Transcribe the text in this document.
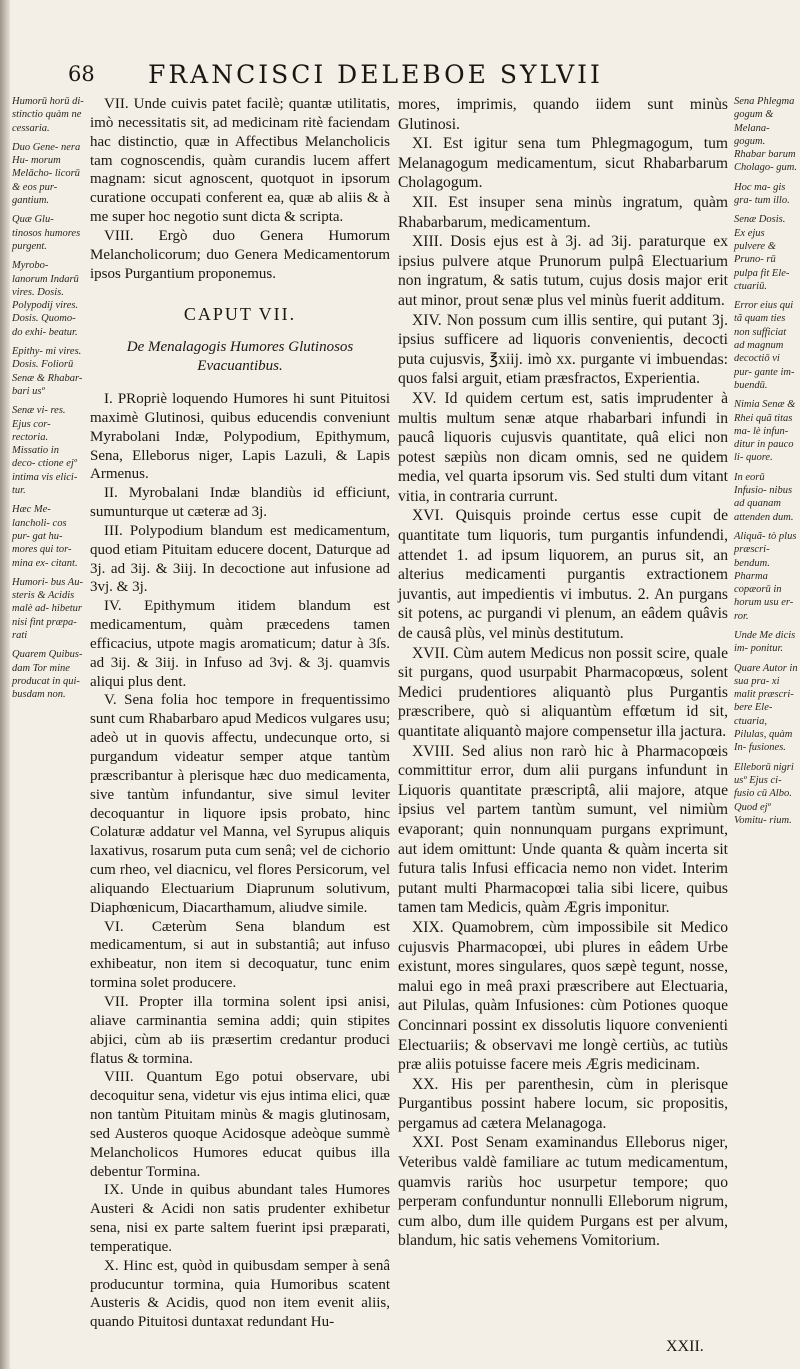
68 FRANCISCI DELEBOE SYLVII

Humorū horū di- stinctio quàm ne cessaria.

Duo Gene- nera Hu- morum Melācho- licorū & eos pur- gantium.

Quæ Glu- tinosos humores purgent.

Myrobo- lanorum Indarū vires. Dosis. Polypodij vires. Dosis. Quomo- do exhi- beatur.

Epithy- mi vires. Dosis. Foliorū Senæ & Rhabar- bari usº

Senæ vi- res. Ejus cor- rectoria. Missatio in deco- ctione ejº intima vis elici- tur.

Hæc Me- lancholi- cos pur- gat hu- mores qui tor- mina ex- citant.

Humori- bus Au- steris & Acidis malè ad- hibetur nisi fint præpa- rati

Quarem Quibus- dam Tor mine producat in qui- busdam non.

VII. Unde cuivis patet facilè; quantæ utilitatis, imò necessitatis sit, ad medicinam ritè faciendam hac distinctio, quæ in Affectibus Melancholicis tam cognoscendis, quàm curandis lucem affert magnam: sicut agnoscent, quotquot in ipsorum curatione occupati conferent ea, quæ ab aliis & à me super hoc negotio sunt dicta & scripta.

VIII. Ergò duo Genera Humorum Melancholicorum; duo Genera Medicamentorum ipsos Purgantium proponemus.

CAPUT VII.

De Menalagogis Humores Glutinosos Evacuantibus.

I. PRopriè loquendo Humores hi sunt Pituitosi maximè Glutinosi, quibus educendis conveniunt Myrabolani Indæ, Polypodium, Epithymum, Sena, Elleborus niger, Lapis Lazuli, & Lapis Armenus.

II. Myrobalani Indæ blandiùs id efficiunt, sumunturque ut cæteræ ad 3j.

III. Polypodium blandum est medicamentum, quod etiam Pituitam educere docent, Daturque ad 3j. ad 3ij. & 3iij. In decoctione aut infusione ad 3vj. & 3j.

IV. Epithymum itidem blandum est medicamentum, quàm præcedens tamen efficacius, utpote magis aromaticum; datur à 3ſs. ad 3ij. & 3iij. in Infuso ad 3vj. & 3j. quamvis aliqui plus dent.

V. Sena folia hoc tempore in frequentissimo sunt cum Rhabarbaro apud Medicos vulgares usu; adeò ut in quovis affectu, undecunque orto, si purgandum videatur semper atque tantùm præscribantur à plerisque hæc duo medicamenta, sive tantùm infundantur, sive simul leviter decoquantur in liquore ipsis probato, hinc Colaturæ addatur vel Manna, vel Syrupus aliquis laxativus, rosarum puta cum senâ; vel de cichorio cum rheo, vel diacnicu, vel flores Persicorum, vel aliquando Electuarium Diaprunum solutivum, Diaphœnicum, Diacarthamum, aliudve simile.

VI. Cæterùm Sena blandum est medicamentum, si aut in substantiâ; aut infuso exhibeatur, non item si decoquatur, tunc enim tormina solet producere.

VII. Propter illa tormina solent ipsi anisi, aliave carminantia semina addi; quin stipites abjici, cùm ab iis præsertim credantur produci flatus & tormina.

VIII. Quantum Ego potui observare, ubi decoquitur sena, videtur vis ejus intima elici, quæ non tantùm Pituitam minùs & magis glutinosam, sed Austeros quoque Acidosque adeòque summè Melancholicos Humores educat quibus illa debentur Tormina.

IX. Unde in quibus abundant tales Humores Austeri & Acidi non satis prudenter exhibetur sena, nisi ex parte saltem fuerint ipsi præparati, temperatique.

X. Hinc est, quòd in quibusdam semper à senâ producuntur tormina, quia Humoribus scatent Austeris & Acidis, quod non item evenit aliis, quando Pituitosi duntaxat redundant Hu-

mores, imprimis, quando iidem sunt minùs Glutinosi.

XI. Est igitur sena tum Phlegmagogum, tum Melanagogum medicamentum, sicut Rhabarbarum Cholagogum.

XII. Est insuper sena minùs ingratum, quàm Rhabarbarum, medicamentum.

XIII. Dosis ejus est à 3j. ad 3ij. paraturque ex ipsius pulvere atque Prunorum pulpâ Electuarium non ingratum, & satis tutum, cujus dosis major erit aut minor, prout senæ plus vel minùs fuerit additum.

XIV. Non possum cum illis sentire, qui putant 3j. ipsius sufficere ad liquoris convenientis, decocti puta cujusvis, ℥xiij. imò xx. purgante vi imbuendas: quos falsi arguit, etiam præsfractos, Experientia.

XV. Id quidem certum est, satis imprudenter à multis multum senæ atque rhabarbari infundi in paucâ liquoris cujusvis quantitate, quâ elici non potest sæpiùs non dicam omnis, sed ne quidem media, vel quarta ipsorum vis. Sed stulti dum vitant vitia, in contraria currunt.

XVI. Quisquis proinde certus esse cupit de quantitate tum liquoris, tum purgantis infundendi, attendet 1. ad ipsum liquorem, an purus sit, an alterius medicamenti purgantis extractionem juvantis, aut impedientis vi imbutus. 2. An purgans sit potens, ac purgandi vi plenum, an eâdem quâvis de causâ plùs, vel minùs destitutum.

XVII. Cùm autem Medicus non possit scire, quale sit purgans, quod usurpabit Pharmacopœus, solent Medici prudentiores aliquantò plus Purgantis præscribere, quò si aliquantùm effœtum id sit, quantitate aliquantò majore compensetur illa jactura.

XVIII. Sed alius non rarò hic à Pharmacopœis committitur error, dum alii purgans infundunt in Liquoris quantitate præscriptâ, alii majore, atque ipsius vel partem tantùm sumunt, vel nimiùm evaporant; quin nonnunquam purgans exprimunt, aut idem omittunt: Unde quanta & quàm incerta sit futura talis Infusi efficacia nemo non videt. Interim putant multi Pharmacopœi talia sibi licere, quibus tamen tam Medicis, quàm Ægris imponitur.

XIX. Quamobrem, cùm impossibile sit Medico cujusvis Pharmacopœi, ubi plures in eâdem Urbe existunt, mores singulares, quos sæpè tegunt, nosse, malui ego in meâ praxi præscribere aut Electuaria, aut Pilulas, quàm Infusiones: cùm Potiones quoque Concinnari possint ex dissolutis liquore convenienti Electuariis; & observavi me longè certiùs, ac tutiùs præ aliis potuisse facere meis Ægris medicinam.

XX. His per parenthesin, cùm in plerisque Purgantibus possint habere locum, sic propositis, pergamus ad cætera Melanagoga.

XXI. Post Senam examinandus Elleborus niger, Veteribus valdè familiare ac tutum medicamentum, quamvis rariùs hoc usurpetur tempore; quo perperam confunduntur nonnulli Elleborum nigrum, cum albo, dum ille quidem Purgans est per alvum, blandum, hic satis vehemens Vomitorium.

Sena Phlegma gogum & Melana- gogum. Rhabar barum Cholago- gum.

Hoc ma- gis gra- tum illo.

Senæ Dosis. Ex ejus pulvere & Pruno- rū pulpa fit Ele- ctuariū.

Error eius qui tã quam ties non sufficiat ad magnum decoctiō vi pur- gante im- buendū.

Nimia Senæ & Rhei quã titas ma- lè infun- ditur in pauco li- quore.

In eorū Infusio- nibus ad quanam attenden dum.

Aliquã- tò plus præscri- bendum. Pharma copæorū in horum usu er- ror.

Unde Me dicis im- ponitur.

Quare Autor in sua pra- xi malit præscri- bere Ele- ctuaria, Pilulas, quàm In- fusiones.

Elleborū nigri usº Ejus ci- fusio cū Albo. Quod ejº Vomitu- rium.

XXII.
